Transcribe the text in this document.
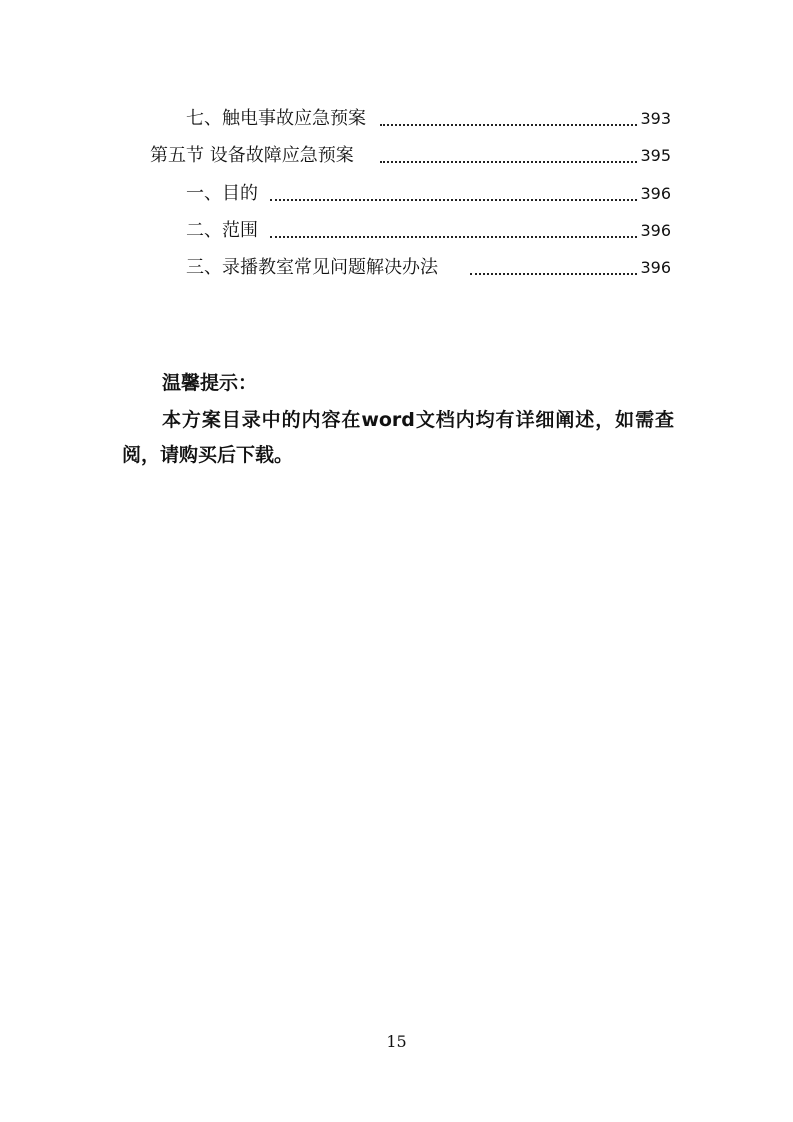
七、触电事故应急预案	393
第五节 设备故障应急预案	395
一、目的	396
二、范围	396
三、录播教室常见问题解决办法	396
温馨提示：
本方案目录中的内容在word文档内均有详细阐述，如需查阅，请购买后下载。
15
